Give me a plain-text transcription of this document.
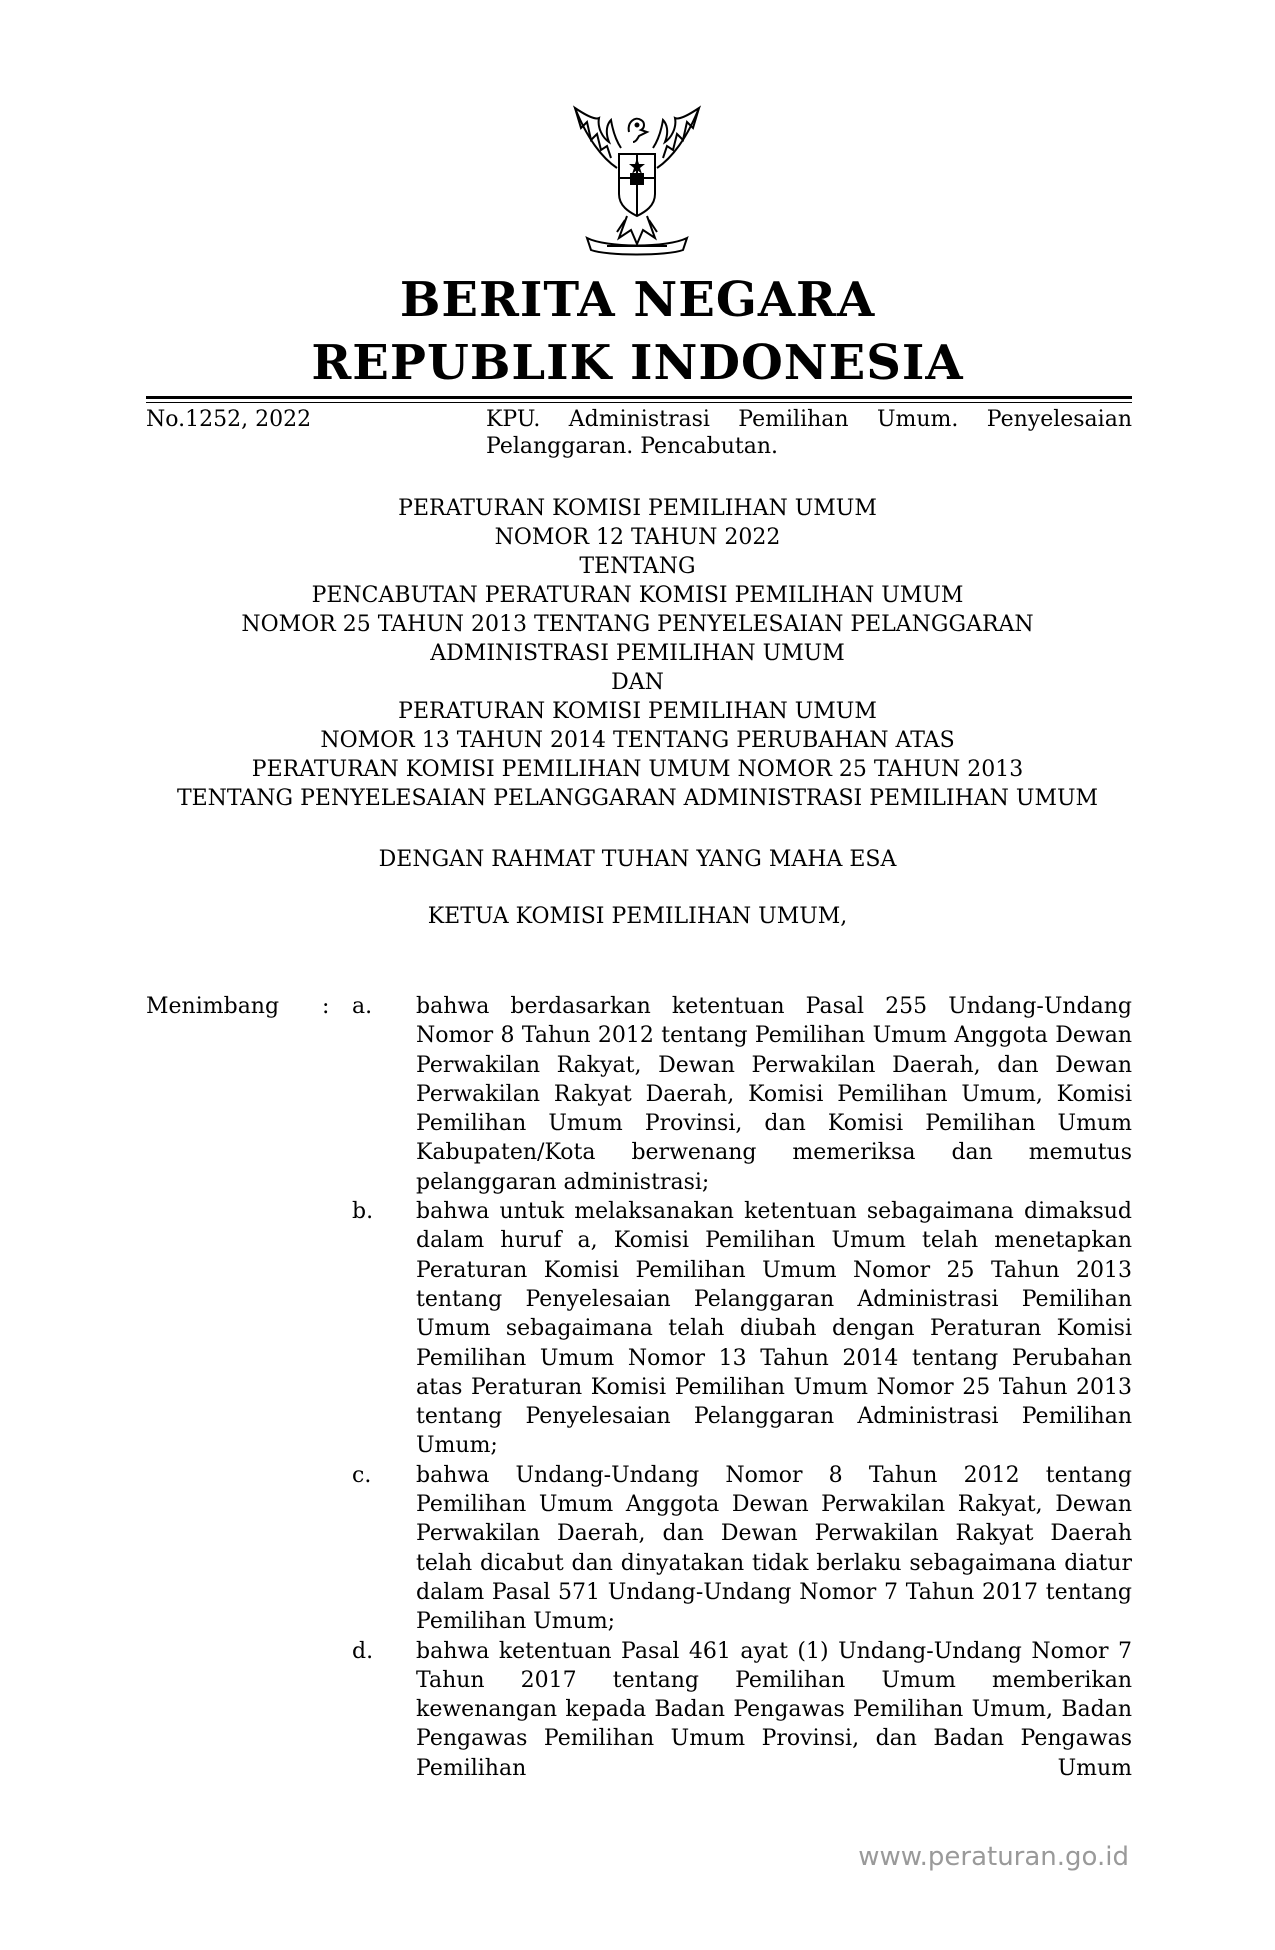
BERITA NEGARA
REPUBLIK INDONESIA
No.1252, 2022	KPU. Administrasi Pemilihan Umum. Penyelesaian Pelanggaran. Pencabutan.
PERATURAN KOMISI PEMILIHAN UMUM
NOMOR 12 TAHUN 2022
TENTANG
PENCABUTAN PERATURAN KOMISI PEMILIHAN UMUM
NOMOR 25 TAHUN 2013 TENTANG PENYELESAIAN PELANGGARAN
ADMINISTRASI PEMILIHAN UMUM
DAN
PERATURAN KOMISI PEMILIHAN UMUM
NOMOR 13 TAHUN 2014 TENTANG PERUBAHAN ATAS
PERATURAN KOMISI PEMILIHAN UMUM NOMOR 25 TAHUN 2013
TENTANG PENYELESAIAN PELANGGARAN ADMINISTRASI PEMILIHAN UMUM
DENGAN RAHMAT TUHAN YANG MAHA ESA
KETUA KOMISI PEMILIHAN UMUM,
Menimbang : a.	bahwa berdasarkan ketentuan Pasal 255 Undang-Undang Nomor 8 Tahun 2012 tentang Pemilihan Umum Anggota Dewan Perwakilan Rakyat, Dewan Perwakilan Daerah, dan Dewan Perwakilan Rakyat Daerah, Komisi Pemilihan Umum, Komisi Pemilihan Umum Provinsi, dan Komisi Pemilihan Umum Kabupaten/Kota berwenang memeriksa dan memutus pelanggaran administrasi;
b.	bahwa untuk melaksanakan ketentuan sebagaimana dimaksud dalam huruf a, Komisi Pemilihan Umum telah menetapkan Peraturan Komisi Pemilihan Umum Nomor 25 Tahun 2013 tentang Penyelesaian Pelanggaran Administrasi Pemilihan Umum sebagaimana telah diubah dengan Peraturan Komisi Pemilihan Umum Nomor 13 Tahun 2014 tentang Perubahan atas Peraturan Komisi Pemilihan Umum Nomor 25 Tahun 2013 tentang Penyelesaian Pelanggaran Administrasi Pemilihan Umum;
c.	bahwa Undang-Undang Nomor 8 Tahun 2012 tentang Pemilihan Umum Anggota Dewan Perwakilan Rakyat, Dewan Perwakilan Daerah, dan Dewan Perwakilan Rakyat Daerah telah dicabut dan dinyatakan tidak berlaku sebagaimana diatur dalam Pasal 571 Undang-Undang Nomor 7 Tahun 2017 tentang Pemilihan Umum;
d.	bahwa ketentuan Pasal 461 ayat (1) Undang-Undang Nomor 7 Tahun 2017 tentang Pemilihan Umum memberikan kewenangan kepada Badan Pengawas Pemilihan Umum, Badan Pengawas Pemilihan Umum Provinsi, dan Badan Pengawas Pemilihan Umum
www.peraturan.go.id
